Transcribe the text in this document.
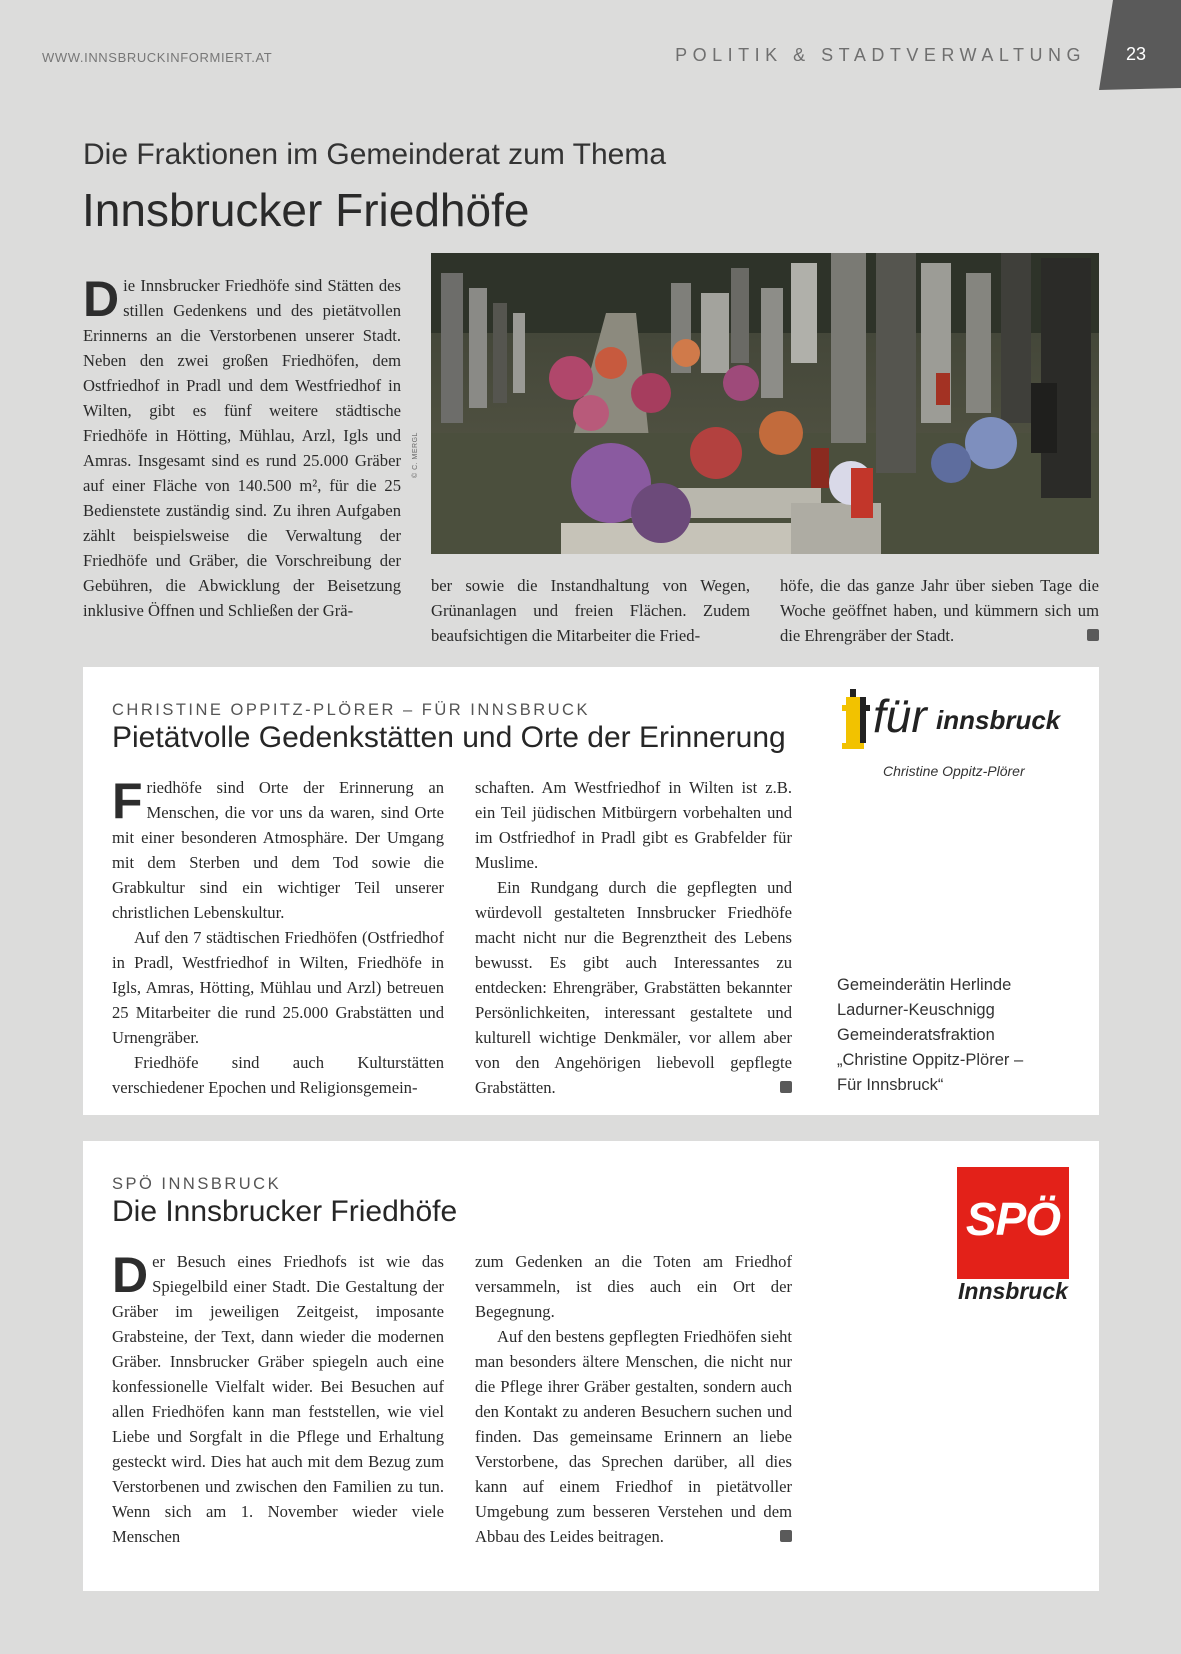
WWW.INNSBRUCKINFORMIERT.AT	POLITIK & STADTVERWALTUNG	23
Die Fraktionen im Gemeinderat zum Thema
Innsbrucker Friedhöfe

Die Innsbrucker Friedhöfe sind Stätten des stillen Gedenkens und des pietätvollen Erinnerns an die Verstorbenen unserer Stadt. Neben den zwei großen Friedhöfen, dem Ostfriedhof in Pradl und dem Westfriedhof in Wilten, gibt es fünf weitere städtische Friedhöfe in Hötting, Mühlau, Arzl, Igls und Amras. Insgesamt sind es rund 25.000 Gräber auf einer Fläche von 140.500 m², für die 25 Bedienstete zuständig sind. Zu ihren Aufgaben zählt beispielsweise die Verwaltung der Friedhöfe und Gräber, die Vorschreibung der Gebühren, die Abwicklung der Beisetzung inklusive Öffnen und Schließen der Grä-

© C. MERGL

ber sowie die Instandhaltung von Wegen, Grünanlagen und freien Flächen. Zudem beaufsichtigen die Mitarbeiter die Fried-

höfe, die das ganze Jahr über sieben Tage die Woche geöffnet haben, und kümmern sich um die Ehrengräber der Stadt.

CHRISTINE OPPITZ-PLÖRER – FÜR INNSBRUCK
Pietätvolle Gedenkstätten und Orte der Erinnerung

Friedhöfe sind Orte der Erinnerung an Menschen, die vor uns da waren, sind Orte mit einer besonderen Atmosphäre. Der Umgang mit dem Sterben und dem Tod sowie die Grabkultur sind ein wichtiger Teil unserer christlichen Lebenskultur.

Auf den 7 städtischen Friedhöfen (Ostfriedhof in Pradl, Westfriedhof in Wilten, Friedhöfe in Igls, Amras, Hötting, Mühlau und Arzl) betreuen 25 Mitarbeiter die rund 25.000 Grabstätten und Urnengräber.

Friedhöfe sind auch Kulturstätten verschiedener Epochen und Religionsgemein-

schaften. Am Westfriedhof in Wilten ist z.B. ein Teil jüdischen Mitbürgern vorbehalten und im Ostfriedhof in Pradl gibt es Grabfelder für Muslime.

Ein Rundgang durch die gepflegten und würdevoll gestalteten Innsbrucker Friedhöfe macht nicht nur die Begrenztheit des Lebens bewusst. Es gibt auch Interessantes zu entdecken: Ehrengräber, Grabstätten bekannter Persönlichkeiten, interessant gestaltete und kulturell wichtige Denkmäler, vor allem aber von den Angehörigen liebevoll gepflegte Grabstätten.

für innsbruck
Christine Oppitz-Plörer
Gemeinderätin Herlinde
Ladurner-Keuschnigg
Gemeinderatsfraktion
„Christine Oppitz-Plörer –
Für Innsbruck“
SPÖ INNSBRUCK
Die Innsbrucker Friedhöfe

Der Besuch eines Friedhofs ist wie das Spiegelbild einer Stadt. Die Gestaltung der Gräber im jeweiligen Zeitgeist, imposante Grabsteine, der Text, dann wieder die modernen Gräber. Innsbrucker Gräber spiegeln auch eine konfessionelle Vielfalt wider. Bei Besuchen auf allen Friedhöfen kann man feststellen, wie viel Liebe und Sorgfalt in die Pflege und Erhaltung gesteckt wird. Dies hat auch mit dem Bezug zum Verstorbenen und zwischen den Familien zu tun. Wenn sich am 1. November wieder viele Menschen

zum Gedenken an die Toten am Friedhof versammeln, ist dies auch ein Ort der Begegnung.

Auf den bestens gepflegten Friedhöfen sieht man besonders ältere Menschen, die nicht nur die Pflege ihrer Gräber gestalten, sondern auch den Kontakt zu anderen Besuchern suchen und finden. Das gemeinsame Erinnern an liebe Verstorbene, das Sprechen darüber, all dies kann auf einem Friedhof in pietätvoller Umgebung zum besseren Verstehen und dem Abbau des Leides beitragen.

SPÖ
Innsbruck
